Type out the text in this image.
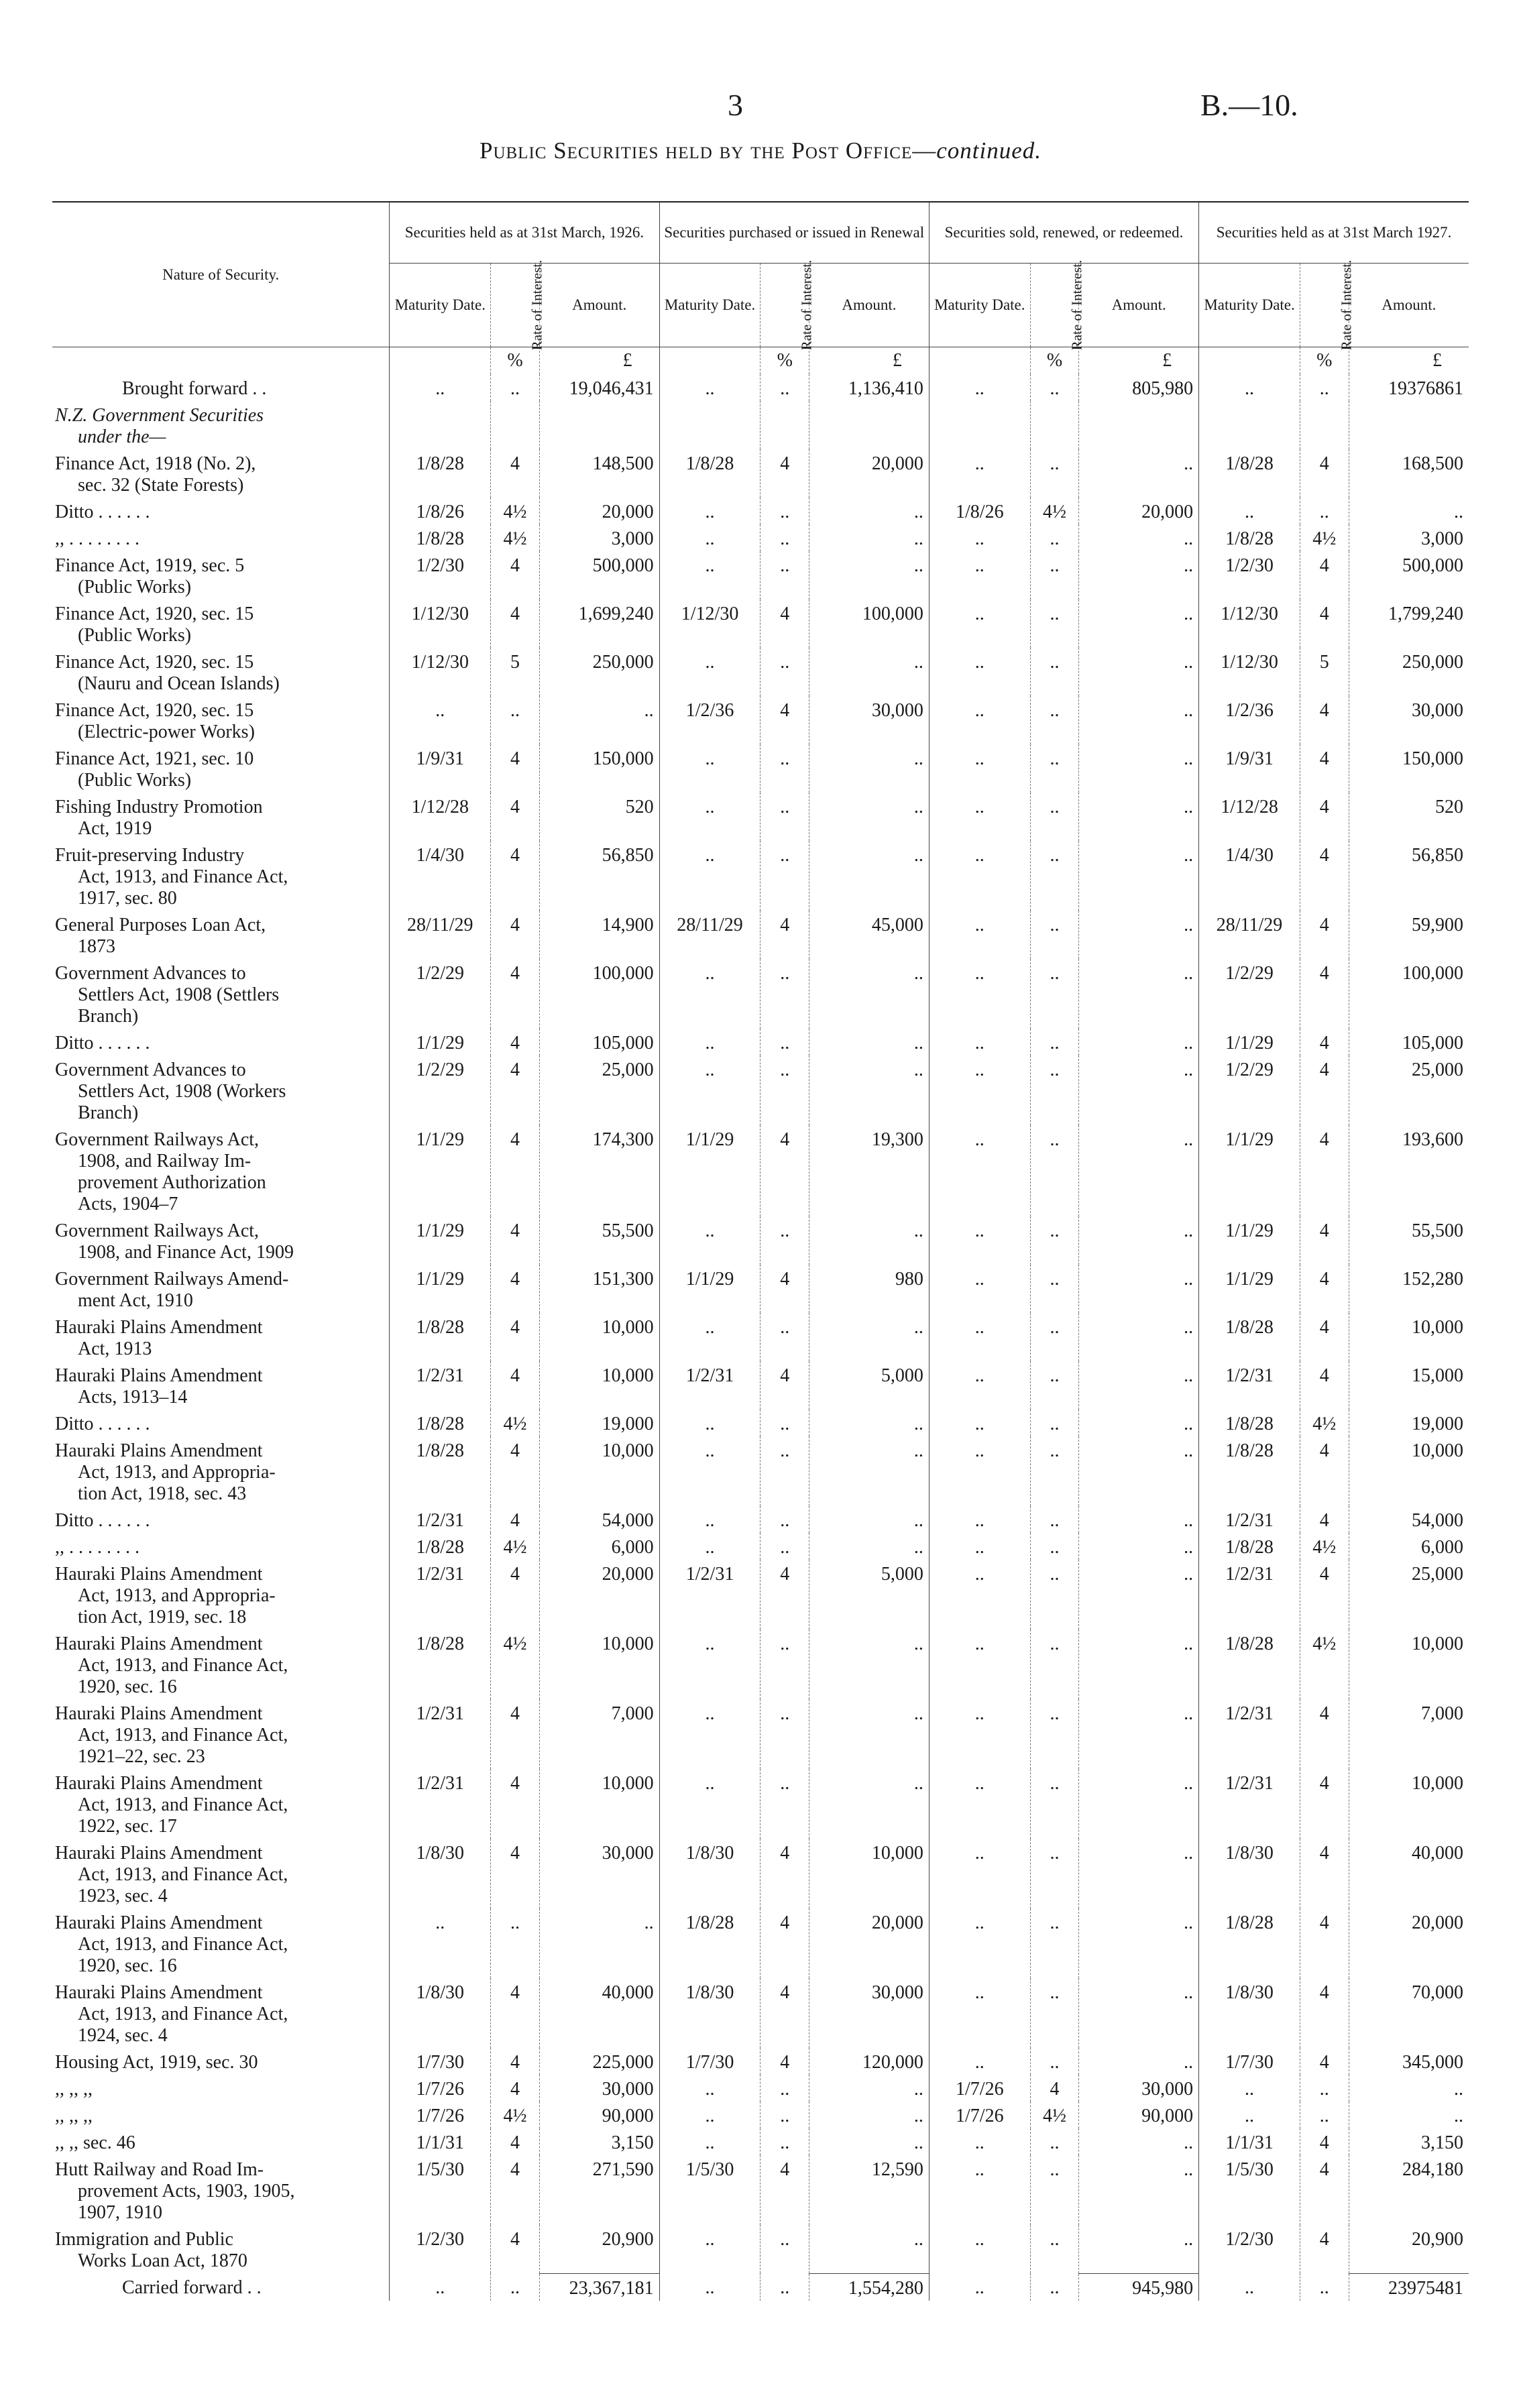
3	B.—10.
Public Securities held by the Post Office—continued.
Nature of Security.	Securities held as at 31st March, 1926.			Securities purchased or issued in Renewal			Securities sold, renewed, or redeemed.			Securities held as at 31st March 1927.		
	Maturity Date.	Rate of Interest.	Amount.	Maturity Date.	Rate of Interest.	Amount.	Maturity Date.	Rate of Interest.	Amount.	Maturity Date.	Rate of Interest.	Amount.
		%	£		%	£		%	£		%	£

Brought forward . .	..	..	19,046,431	..	..	1,136,410	..	..	805,980	..	..	19376861

N.Z. Government Securities
under the—												

Finance Act, 1918 (No. 2),
sec. 32 (State Forests)	1/8/28	4	148,500	1/8/28	4	20,000	..	..	..	1/8/28	4	168,500

Ditto . . . . . .	1/8/26	4½	20,000	..	..	..	1/8/26	4½	20,000	..	..	..

,, . . . . . . . .	1/8/28	4½	3,000	..	..	..	..	..	..	1/8/28	4½	3,000

Finance Act, 1919, sec. 5
(Public Works)	1/2/30	4	500,000	..	..	..	..	..	..	1/2/30	4	500,000

Finance Act, 1920, sec. 15
(Public Works)	1/12/30	4	1,699,240	1/12/30	4	100,000	..	..	..	1/12/30	4	1,799,240

Finance Act, 1920, sec. 15
(Nauru and Ocean Islands)	1/12/30	5	250,000	..	..	..	..	..	..	1/12/30	5	250,000

Finance Act, 1920, sec. 15
(Electric-power Works)	..	..	..	1/2/36	4	30,000	..	..	..	1/2/36	4	30,000

Finance Act, 1921, sec. 10
(Public Works)	1/9/31	4	150,000	..	..	..	..	..	..	1/9/31	4	150,000

Fishing Industry Promotion
Act, 1919	1/12/28	4	520	..	..	..	..	..	..	1/12/28	4	520

Fruit-preserving Industry
Act, 1913, and Finance Act,
1917, sec. 80	1/4/30	4	56,850	..	..	..	..	..	..	1/4/30	4	56,850

General Purposes Loan Act,
1873	28/11/29	4	14,900	28/11/29	4	45,000	..	..	..	28/11/29	4	59,900

Government Advances to
Settlers Act, 1908 (Settlers
Branch)	1/2/29	4	100,000	..	..	..	..	..	..	1/2/29	4	100,000

Ditto . . . . . .	1/1/29	4	105,000	..	..	..	..	..	..	1/1/29	4	105,000

Government Advances to
Settlers Act, 1908 (Workers
Branch)	1/2/29	4	25,000	..	..	..	..	..	..	1/2/29	4	25,000

Government Railways Act,
1908, and Railway Im-
provement Authorization
Acts, 1904–7	1/1/29	4	174,300	1/1/29	4	19,300	..	..	..	1/1/29	4	193,600

Government Railways Act,
1908, and Finance Act, 1909	1/1/29	4	55,500	..	..	..	..	..	..	1/1/29	4	55,500

Government Railways Amend-
ment Act, 1910	1/1/29	4	151,300	1/1/29	4	980	..	..	..	1/1/29	4	152,280

Hauraki Plains Amendment
Act, 1913	1/8/28	4	10,000	..	..	..	..	..	..	1/8/28	4	10,000

Hauraki Plains Amendment
Acts, 1913–14	1/2/31	4	10,000	1/2/31	4	5,000	..	..	..	1/2/31	4	15,000

Ditto . . . . . .	1/8/28	4½	19,000	..	..	..	..	..	..	1/8/28	4½	19,000

Hauraki Plains Amendment
Act, 1913, and Appropria-
tion Act, 1918, sec. 43	1/8/28	4	10,000	..	..	..	..	..	..	1/8/28	4	10,000

Ditto . . . . . .	1/2/31	4	54,000	..	..	..	..	..	..	1/2/31	4	54,000

,, . . . . . . . .	1/8/28	4½	6,000	..	..	..	..	..	..	1/8/28	4½	6,000

Hauraki Plains Amendment
Act, 1913, and Appropria-
tion Act, 1919, sec. 18	1/2/31	4	20,000	1/2/31	4	5,000	..	..	..	1/2/31	4	25,000

Hauraki Plains Amendment
Act, 1913, and Finance Act,
1920, sec. 16	1/8/28	4½	10,000	..	..	..	..	..	..	1/8/28	4½	10,000

Hauraki Plains Amendment
Act, 1913, and Finance Act,
1921–22, sec. 23	1/2/31	4	7,000	..	..	..	..	..	..	1/2/31	4	7,000

Hauraki Plains Amendment
Act, 1913, and Finance Act,
1922, sec. 17	1/2/31	4	10,000	..	..	..	..	..	..	1/2/31	4	10,000

Hauraki Plains Amendment
Act, 1913, and Finance Act,
1923, sec. 4	1/8/30	4	30,000	1/8/30	4	10,000	..	..	..	1/8/30	4	40,000

Hauraki Plains Amendment
Act, 1913, and Finance Act,
1920, sec. 16	..	..	..	1/8/28	4	20,000	..	..	..	1/8/28	4	20,000

Hauraki Plains Amendment
Act, 1913, and Finance Act,
1924, sec. 4	1/8/30	4	40,000	1/8/30	4	30,000	..	..	..	1/8/30	4	70,000

Housing Act, 1919, sec. 30	1/7/30	4	225,000	1/7/30	4	120,000	..	..	..	1/7/30	4	345,000

,, ,, ,,	1/7/26	4	30,000	..	..	..	1/7/26	4	30,000	..	..	..

,, ,, ,,	1/7/26	4½	90,000	..	..	..	1/7/26	4½	90,000	..	..	..

,, ,, sec. 46	1/1/31	4	3,150	..	..	..	..	..	..	1/1/31	4	3,150

Hutt Railway and Road Im-
provement Acts, 1903, 1905,
1907, 1910	1/5/30	4	271,590	1/5/30	4	12,590	..	..	..	1/5/30	4	284,180

Immigration and Public
Works Loan Act, 1870	1/2/30	4	20,900	..	..	..	..	..	..	1/2/30	4	20,900

Carried forward . .	..	..	23,367,181	..	..	1,554,280	..	..	945,980	..	..	23975481
